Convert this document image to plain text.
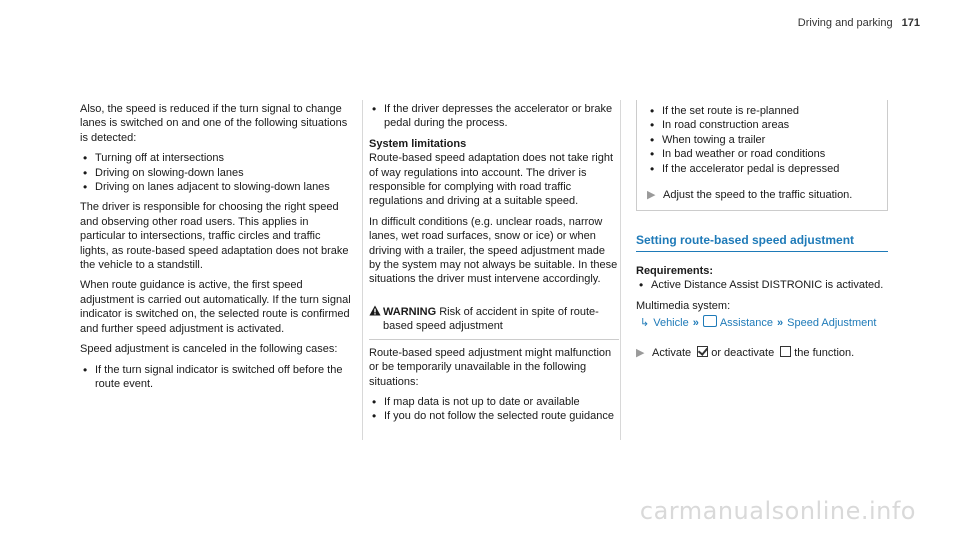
Driving and parking 171

Also, the speed is reduced if the turn signal to change lanes is switched on and one of the following situations is detected:

• Turning off at intersections
• Driving on slowing-down lanes
• Driving on lanes adjacent to slowing-down lanes

The driver is responsible for choosing the right speed and observing other road users. This applies in particular to intersections, traffic circles and traffic lights, as route-based speed adaptation does not brake the vehicle to a standstill.

When route guidance is active, the first speed adjustment is carried out automatically. If the turn signal indicator is switched on, the selected route is confirmed and further speed adjustment is activated.

Speed adjustment is canceled in the following cases:

• If the turn signal indicator is switched off before the route event.
• If the driver depresses the accelerator or brake pedal during the process.
System limitations

Route-based speed adaptation does not take right of way regulations into account. The driver is responsible for complying with road traffic regulations and driving at a suitable speed.

In difficult conditions (e.g. unclear roads, narrow lanes, wet road surfaces, snow or ice) or when driving with a trailer, the speed adjustment made by the system may not always be suitable. In these situations the driver must intervene accordingly.

WARNING Risk of accident in spite of route-based speed adjustment

Route-based speed adjustment might malfunction or be temporarily unavailable in the following situations:

• If map data is not up to date or available
• If you do not follow the selected route guidance
• If the set route is re-planned
• In road construction areas
• When towing a trailer
• In bad weather or road conditions
• If the accelerator pedal is depressed

▶ Adjust the speed to the traffic situation.

Setting route-based speed adjustment

Requirements:

• Active Distance Assist DISTRONIC is activated.

Multimedia system:

↳ Vehicle » Assistance » Speed Adjustment

▶ Activate or deactivate the function.

carmanualsonline.info
